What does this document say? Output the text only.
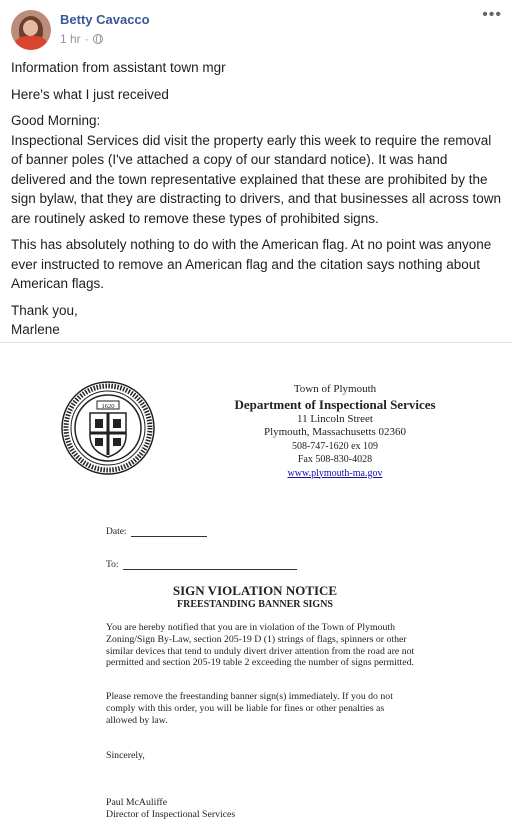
Betty Cavacco
1 hr ·
•••

Information from assistant town mgr

Here's what I just received

Good Morning:

Inspectional Services did visit the property early this week to require the removal of banner poles (I've attached a copy of our standard notice). It was hand delivered and the town representative explained that these are prohibited by the sign bylaw, that they are distracting to drivers, and that businesses all across town are routinely asked to remove these types of prohibited signs.

This has absolutely nothing to do with the American flag. At no point was anyone ever instructed to remove an American flag and the citation says nothing about American flags.

Thank you,

Marlene

1620
Town of Plymouth
Department of Inspectional Services
11 Lincoln Street
Plymouth, Massachusetts 02360
508-747-1620 ex 109
Fax 508-830-4028
www.plymouth-ma.gov
Date:
To:
SIGN VIOLATION NOTICE
FREESTANDING BANNER SIGNS
You are hereby notified that you are in violation of the Town of Plymouth Zoning/Sign By-Law, section 205-19 D (1) strings of flags, spinners or other similar devices that tend to unduly divert driver attention from the road are not permitted and section 205-19 table 2 exceeding the number of signs permitted.
Please remove the freestanding banner sign(s) immediately. If you do not comply with this order, you will be liable for fines or other penalties as allowed by law.
Sincerely,
Paul McAuliffe
Director of Inspectional Services
